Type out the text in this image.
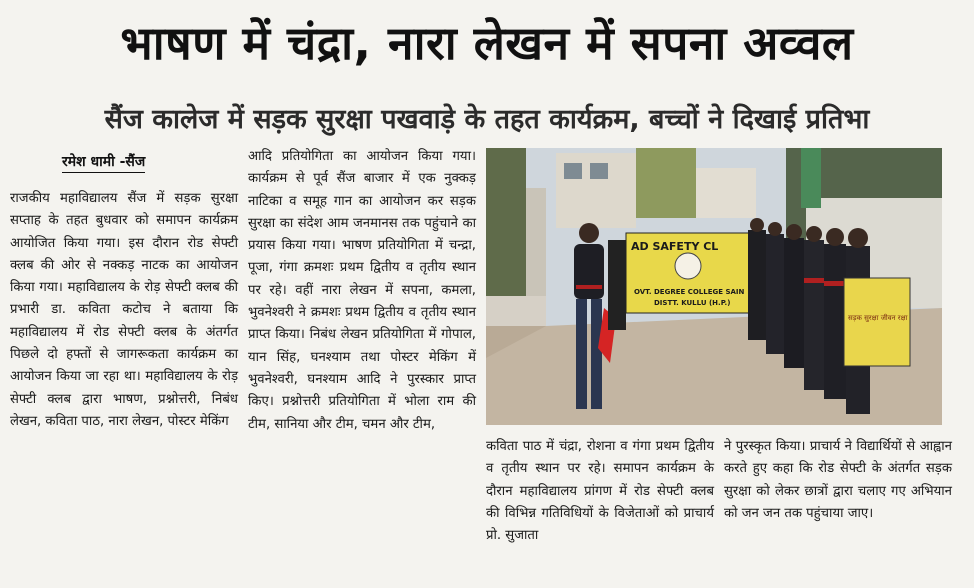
भाषण में चंद्रा, नारा लेखन में सपना अव्वल
सैंज कालेज में सड़क सुरक्षा पखवाड़े के तहत कार्यक्रम, बच्चों ने दिखाई प्रतिभा
रमेश धामी -सैंज

राजकीय महाविद्यालय सैंज में सड़क सुरक्षा सप्ताह के तहत बुधवार को समापन कार्यक्रम आयोजित किया गया। इस दौरान रोड सेफ्टी क्लब की ओर से नक्कड़ नाटक का आयोजन किया गया। महाविद्यालय के रोड़ सेफ्टी क्लब की प्रभारी डा. कविता कटोच ने बताया कि महाविद्यालय में रोड सेफ्टी क्लब के अंतर्गत पिछले दो हफ्तों से जागरूकता कार्यक्रम का आयोजन किया जा रहा था। महाविद्यालय के रोड़ सेफ्टी क्लब द्वारा भाषण, प्रश्नोत्तरी, निबंध लेखन, कविता पाठ, नारा लेखन, पोस्टर मेकिंग

आदि प्रतियोगिता का आयोजन किया गया। कार्यक्रम से पूर्व सैंज बाजार में एक नुक्कड़ नाटिका व समूह गान का आयोजन कर सड़क सुरक्षा का संदेश आम जनमानस तक पहुंचाने का प्रयास किया गया। भाषण प्रतियोगिता में चन्द्रा, पूजा, गंगा क्रमशः प्रथम द्वितीय व तृतीय स्थान पर रहे। वहीं नारा लेखन में सपना, कमला, भुवनेश्वरी ने क्रमशः प्रथम द्वितीय व तृतीय स्थान प्राप्त किया। निबंध लेखन प्रतियोगिता में गोपाल, यान सिंह, घनश्याम तथा पोस्टर मेकिंग में भुवनेश्वरी, घनश्याम आदि ने पुरस्कार प्राप्त किए। प्रश्नोत्तरी प्रतियोगिता में भोला राम की टीम, सानिया और टीम, चमन और टीम,

कविता पाठ में चंद्रा, रोशना व गंगा प्रथम द्वितीय व तृतीय स्थान पर रहे। समापन कार्यक्रम के दौरान महाविद्यालय प्रांगण में रोड सेफ्टी क्लब की विभिन्न गतिविधियों के विजेताओं को प्राचार्य प्रो. सुजाता

ने पुरस्कृत किया। प्राचार्य ने विद्यार्थियों से आह्वान करते हुए कहा कि रोड सेफ्टी के अंतर्गत सड़क सुरक्षा को लेकर छात्रों द्वारा चलाए गए अभियान को जन जन तक पहुंचाया जाए।

AD SAFETY CL
OVT. DEGREE COLLEGE SAIN
DISTT. KULLU (H.P.)
सड़क सुरक्षा जीवन रक्षा
